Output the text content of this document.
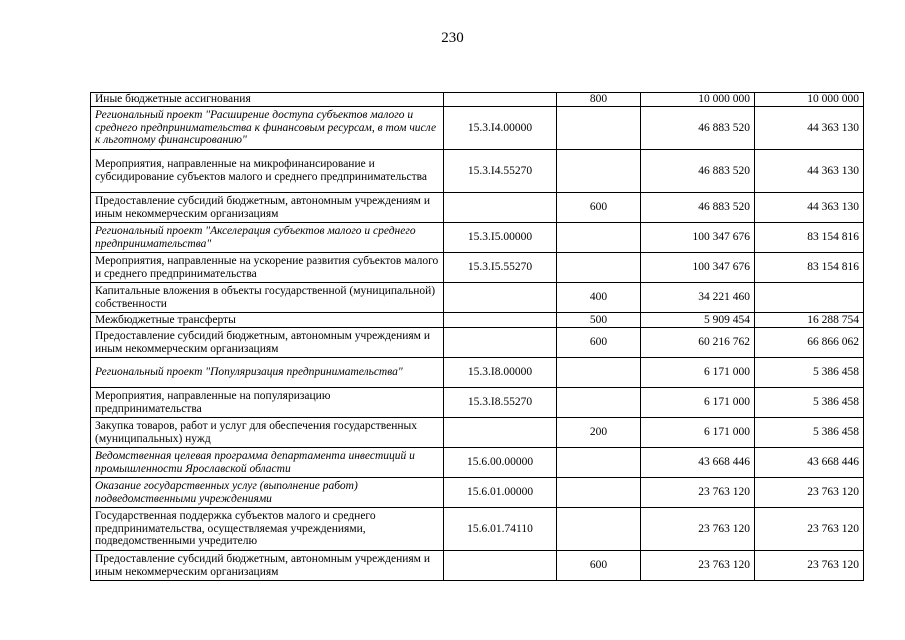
230
Иные бюджетные ассигнования		800	10 000 000	10 000 000
Региональный проект "Расширение доступа субъектов малого и среднего предпринимательства к финансовым ресурсам, в том числе к льготному финансированию"	15.3.I4.00000		46 883 520	44 363 130
Мероприятия, направленные на микрофинансирование и субсидирование субъектов малого и среднего предпринимательства	15.3.I4.55270		46 883 520	44 363 130
Предоставление субсидий бюджетным, автономным учреждениям и иным некоммерческим организациям		600	46 883 520	44 363 130
Региональный проект "Акселерация субъектов малого и среднего предпринимательства"	15.3.I5.00000		100 347 676	83 154 816
Мероприятия, направленные на ускорение развития субъектов малого и среднего предпринимательства	15.3.I5.55270		100 347 676	83 154 816
Капитальные вложения в объекты государственной (муниципальной) собственности		400	34 221 460	
Межбюджетные трансферты		500	5 909 454	16 288 754
Предоставление субсидий бюджетным, автономным учреждениям и иным некоммерческим организациям		600	60 216 762	66 866 062
Региональный проект "Популяризация предпринимательства"	15.3.I8.00000		6 171 000	5 386 458
Мероприятия, направленные на популяризацию предпринимательства	15.3.I8.55270		6 171 000	5 386 458
Закупка товаров, работ и услуг для обеспечения государственных (муниципальных) нужд		200	6 171 000	5 386 458
Ведомственная целевая программа департамента инвестиций и промышленности Ярославской области	15.6.00.00000		43 668 446	43 668 446
Оказание государственных услуг (выполнение работ) подведомственными учреждениями	15.6.01.00000		23 763 120	23 763 120
Государственная поддержка субъектов малого и среднего предпринимательства, осуществляемая учреждениями, подведомственными учредителю	15.6.01.74110		23 763 120	23 763 120
Предоставление субсидий бюджетным, автономным учреждениям и иным некоммерческим организациям		600	23 763 120	23 763 120
